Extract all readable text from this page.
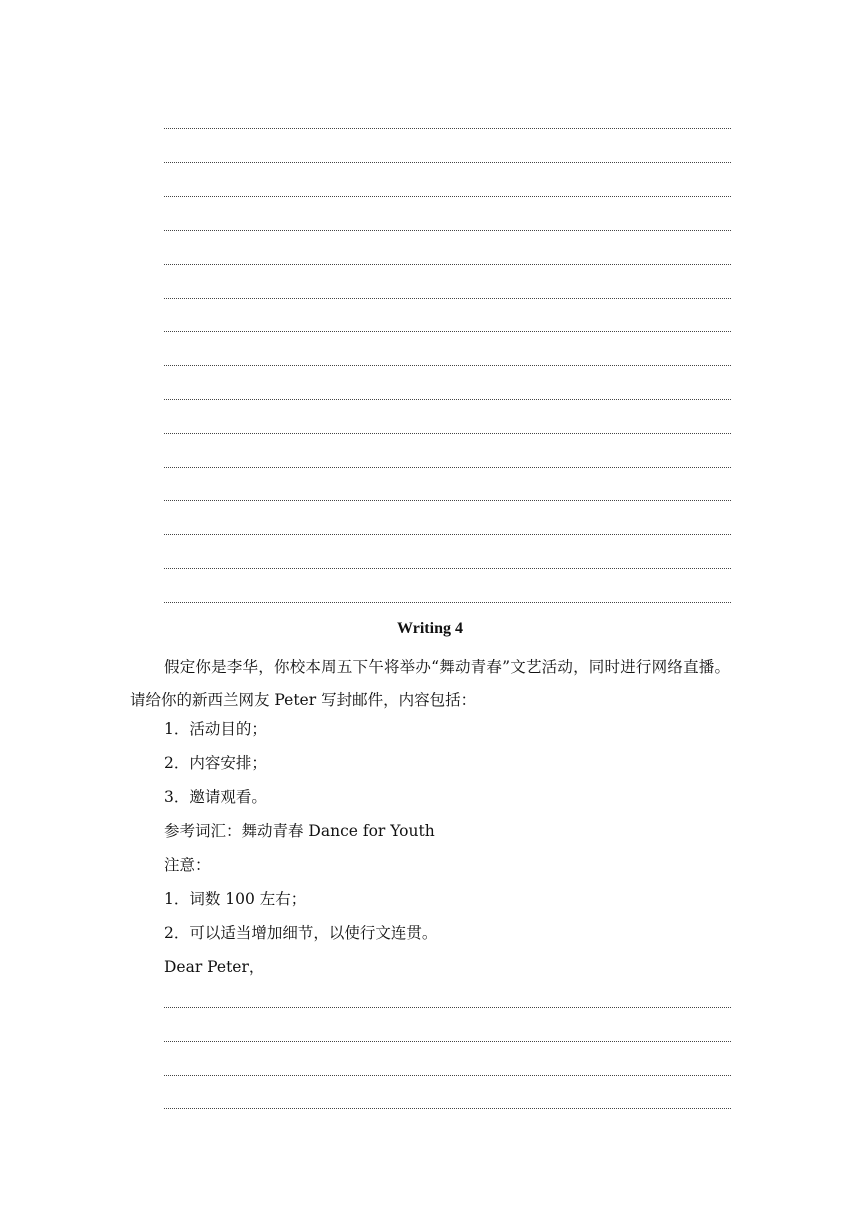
Writing 4
假定你是李华，你校本周五下午将举办“舞动青春”文艺活动，同时进行网络直播。请给你的新西兰网友 Peter 写封邮件，内容包括：
1．活动目的；
2．内容安排；
3．邀请观看。
参考词汇：舞动青春 Dance for Youth
注意：
1．词数 100 左右；
2．可以适当增加细节，以使行文连贯。
Dear Peter，
